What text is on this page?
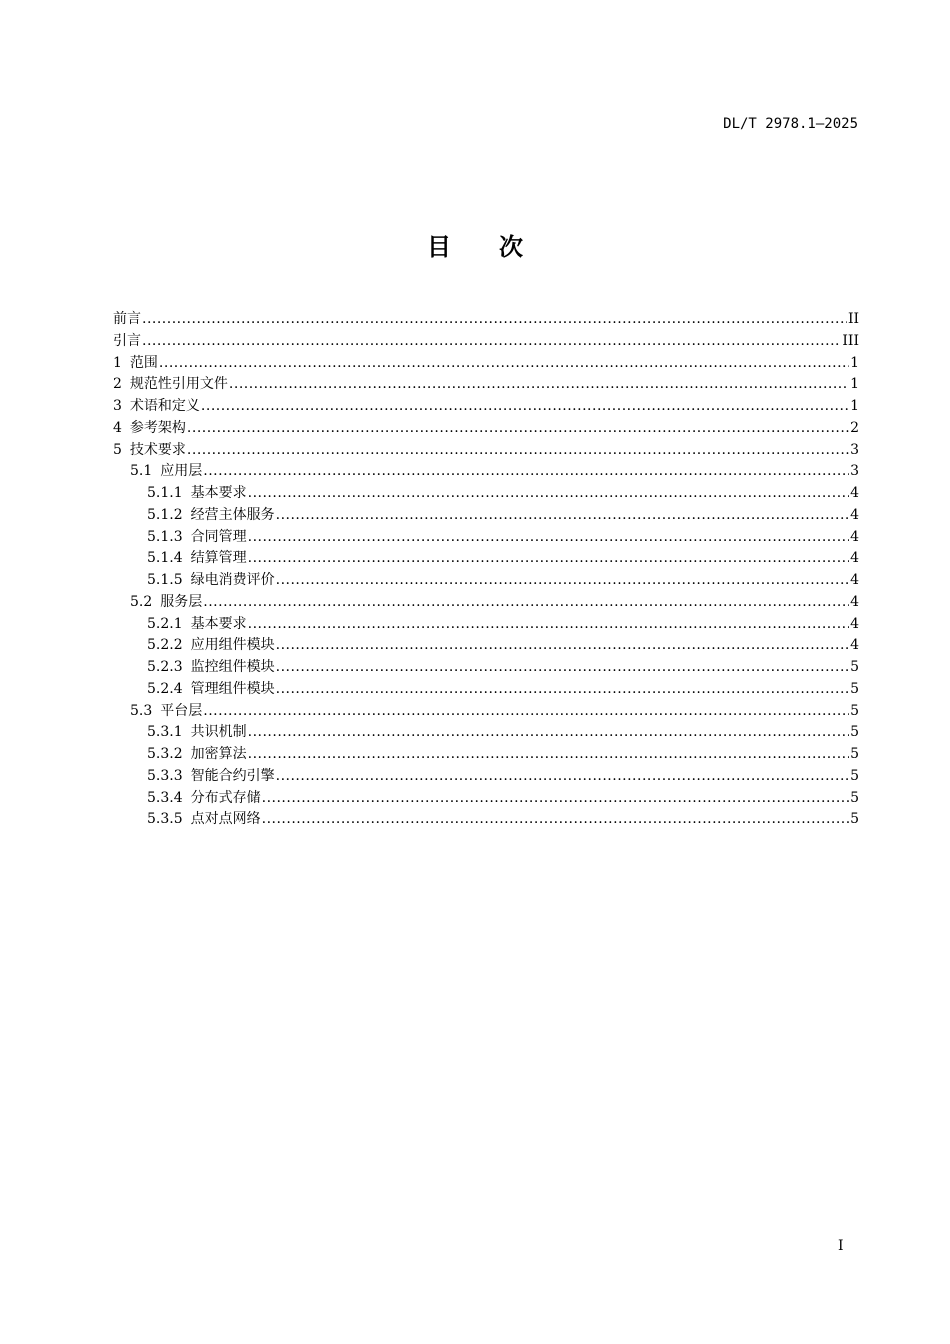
DL/T 2978.1—2025
目次
前言 .....	II
引言 .....	III
1 范围 .....	1
2 规范性引用文件 .....	1
3 术语和定义 .....	1
4 参考架构 .....	2
5 技术要求 .....	3
5.1 应用层 .....	3
5.1.1 基本要求 .....	4
5.1.2 经营主体服务 .....	4
5.1.3 合同管理 .....	4
5.1.4 结算管理 .....	4
5.1.5 绿电消费评价 .....	4
5.2 服务层 .....	4
5.2.1 基本要求 .....	4
5.2.2 应用组件模块 .....	4
5.2.3 监控组件模块 .....	5
5.2.4 管理组件模块 .....	5
5.3 平台层 .....	5
5.3.1 共识机制 .....	5
5.3.2 加密算法 .....	5
5.3.3 智能合约引擎 .....	5
5.3.4 分布式存储 .....	5
5.3.5 点对点网络 .....	5
I
